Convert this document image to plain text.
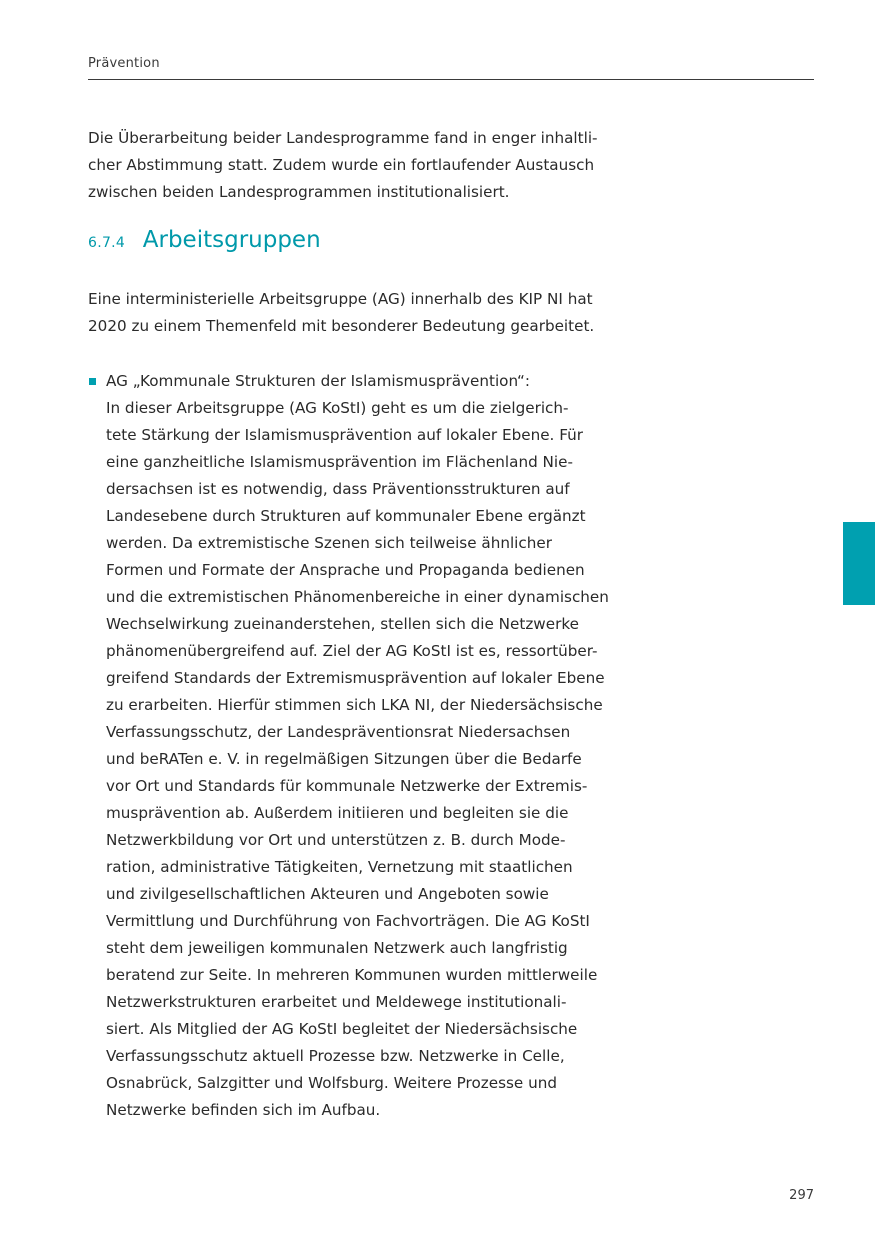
Prävention

Die Überarbeitung beider Landesprogramme fand in enger inhaltli-
cher Abstimmung statt. Zudem wurde ein fortlaufender Austausch
zwischen beiden Landesprogrammen institutionalisiert.

6.7.4 Arbeitsgruppen

Eine interministerielle Arbeitsgruppe (AG) innerhalb des KIP NI hat
2020 zu einem Themenfeld mit besonderer Bedeutung gearbeitet.

AG „Kommunale Strukturen der Islamismusprävention“:
In dieser Arbeitsgruppe (AG KoStI) geht es um die zielgerich-
tete Stärkung der Islamismusprävention auf lokaler Ebene. Für
eine ganzheitliche Islamismusprävention im Flächenland Nie-
dersachsen ist es notwendig, dass Präventionsstrukturen auf
Landesebene durch Strukturen auf kommunaler Ebene ergänzt
werden. Da extremistische Szenen sich teilweise ähnlicher
Formen und Formate der Ansprache und Propaganda bedienen
und die extremistischen Phänomenbereiche in einer dynamischen
Wechselwirkung zueinanderstehen, stellen sich die Netzwerke
phänomenübergreifend auf. Ziel der AG KoStI ist es, ressortüber-
greifend Standards der Extremismusprävention auf lokaler Ebene
zu erarbeiten. Hierfür stimmen sich LKA NI, der Niedersächsische
Verfassungsschutz, der Landespräventionsrat Niedersachsen
und beRATen e. V. in regelmäßigen Sitzungen über die Bedarfe
vor Ort und Standards für kommunale Netzwerke der Extremis-
musprävention ab. Außerdem initiieren und begleiten sie die
Netzwerkbildung vor Ort und unterstützen z. B. durch Mode-
ration, administrative Tätigkeiten, Vernetzung mit staatlichen
und zivilgesellschaftlichen Akteuren und Angeboten sowie
Vermittlung und Durchführung von Fachvorträgen. Die AG KoStI
steht dem jeweiligen kommunalen Netzwerk auch langfristig
beratend zur Seite. In mehreren Kommunen wurden mittlerweile
Netzwerkstrukturen erarbeitet und Meldewege institutionali-
siert. Als Mitglied der AG KoStI begleitet der Niedersächsische
Verfassungsschutz aktuell Prozesse bzw. Netzwerke in Celle,
Osnabrück, Salzgitter und Wolfsburg. Weitere Prozesse und
Netzwerke befinden sich im Aufbau.
297
